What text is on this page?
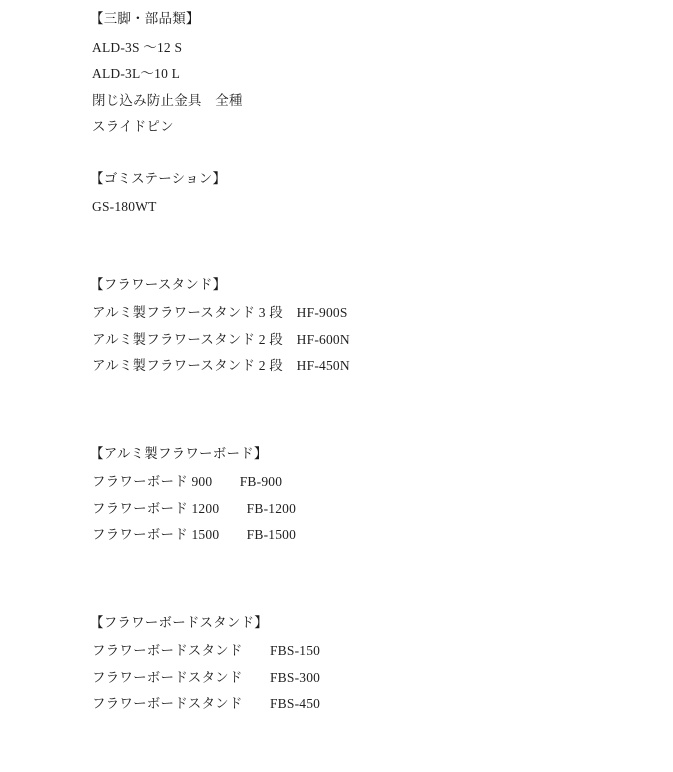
【三脚・部品類】
ALD-3S ～12 S
ALD-3L～10 L
閉じ込み防止金具　全種
スライドピン
【ゴミステーション】
GS-180WT
【フラワースタンド】
アルミ製フラワースタンド 3 段　HF-900S
アルミ製フラワースタンド 2 段　HF-600N
アルミ製フラワースタンド 2 段　HF-450N
【アルミ製フラワーボード】
フラワーボード 900　　FB-900
フラワーボード 1200　　FB-1200
フラワーボード 1500　　FB-1500
【フラワーボードスタンド】
フラワーボードスタンド　　FBS-150
フラワーボードスタンド　　FBS-300
フラワーボードスタンド　　FBS-450
